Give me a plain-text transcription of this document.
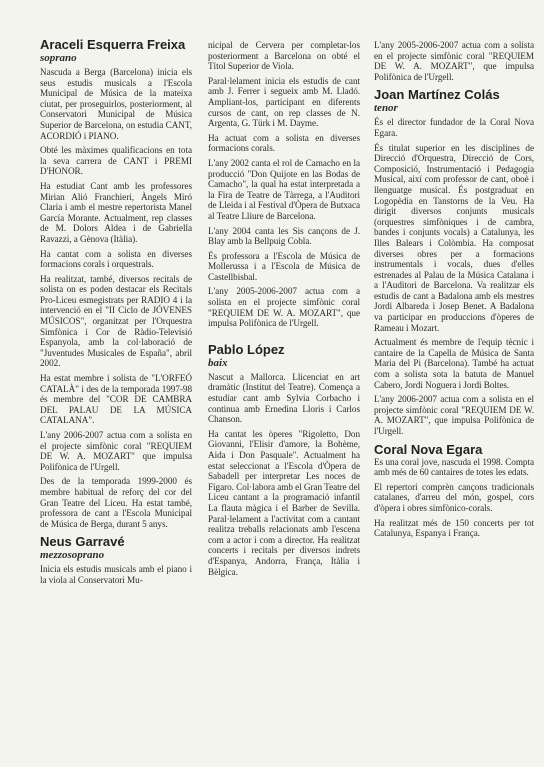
Araceli Esquerra Freixa
soprano

Nascuda a Berga (Barcelona) inicia els seus estudis musicals a l'Escola Municipal de Música de la mateixa ciutat, per proseguirlos, posteriorment, al Conservatori Municipal de Música Superior de Barcelona, on estudia CANT, ACORDIÓ i PIANO.

Obté les màximes qualificacions en tota la seva carrera de CANT i PREMI D'HONOR.

Ha estudiat Cant amb les professores Mirian Alió Franchieri, Àngels Miró Claria i amb el mestre repertorista Manel García Morante. Actualment, rep classes de M. Dolors Aldea i de Gabriella Ravazzi, a Gènova (Itàlia).

Ha cantat com a solista en diverses formacions corals i orquestrals.

Ha realitzat, també, diversos recitals de solista on es poden destacar els Recitals Pro-Liceu esmegistrats per RADIO 4 i la intervenció en el "II Ciclo de JÓVENES MÚSICOS", organitzat per l'Orquestra Simfònica i Cor de Ràdio-Televisió Espanyola, amb la col·laboració de "Juventudes Musicales de España", abril 2002.

Ha estat membre i solista de "L'ORFEÓ CATALÀ" i des de la temporada 1997-98 és membre del "COR DE CAMBRA DEL PALAU DE LA MÚSICA CATALANA".

L'any 2006-2007 actua com a solista en el projecte simfònic coral "REQUIEM DE W. A. MOZART" que impulsa Polifònica de l'Urgell.

Des de la temporada 1999-2000 és membre habitual de reforç del cor del Gran Teatre del Liceu. Ha estat també, professora de cant a l'Escola Municipal de Música de Berga, durant 5 anys.

Neus Garravé
mezzosoprano

Inicia els estudis musicals amb el piano i la viola al Conservatori Mu-

nicipal de Cervera per completar-los posteriorment a Barcelona on obté el Títol Superior de Viola.

Paral·lelament inicia els estudis de cant amb J. Ferrer i segueix amb M. Lladó. Ampliant-los, participant en diferents cursos de cant, on rep classes de N. Argenta, G. Türk i M. Dayme.

Ha actuat com a solista en diverses formacions corals.

L'any 2002 canta el rol de Camacho en la producció "Don Quijote en las Bodas de Camacho", la qual ha estat interpretada a la Fira de Teatre de Tàrrega, a l'Auditori de Lleida i al Festival d'Òpera de Butxaca al Teatre Lliure de Barcelona.

L'any 2004 canta les Sis cançons de J. Blay amb la Bellpuig Cobla.

És professora a l'Escola de Música de Mollerussa i a l'Escola de Música de Castellbisbal.

L'any 2005-2006-2007 actua com a solista en el projecte simfònic coral "REQUIEM DE W. A. MOZART", que impulsa Polifònica de l'Urgell.

Pablo López
baix

Nascut a Mallorca. Llicenciat en art dramàtic (Institut del Teatre). Comença a estudiar cant amb Sylvia Corbacho i continua amb Ernedina Lloris i Carlos Chanson.

Ha cantat les òperes "Rigoletto, Don Giovanni, l'Elisir d'amore, la Bohème, Aida i Don Pasquale". Actualment ha estat seleccionat a l'Escola d'Òpera de Sabadell per interpretar Les noces de Fígaro. Col·labora amb el Gran Teatre del Liceu cantant a la programació infantil La flauta màgica i el Barber de Sevilla. Paral·lelament a l'activitat com a cantant realitza treballs relacionats amb l'escena com a actor i com a director. Ha realitzat concerts i recitals per diversos indrets d'Espanya, Andorra, França, Itàlia i Bèlgica.

L'any 2005-2006-2007 actua com a solista en el projecte simfònic coral "REQUIEM DE W. A. MOZART", que impulsa Polifònica de l'Urgell.

Joan Martínez Colás
tenor

És el director fundador de la Coral Nova Egara.

És titulat superior en les disciplines de Direcció d'Orquestra, Direcció de Cors, Composició, Instrumentació i Pedagogia Musical, així com professor de cant, oboè i llenguatge musical. És postgraduat en Logopèdia en Tanstorns de la Veu. Ha dirigit diversos conjunts musicals (orquestres simfòniques i de cambra, bandes i conjunts vocals) a Catalunya, les Illes Balears i Colòmbia. Ha composat diverses obres per a formacions instrumentals i vocals, dues d'elles estrenades al Palau de la Música Catalana i a l'Auditori de Barcelona. Va realitzar els estudis de cant a Badalona amb els mestres Jordi Albareda i Josep Benet. A Badalona va participar en produccions d'òperes de Rameau i Mozart.

Actualment és membre de l'equip tècnic i cantaire de la Capella de Música de Santa Maria del Pi (Barcelona). També ha actuat com a solista sota la batuta de Manuel Cabero, Jordi Noguera i Jordi Boltes.

L'any 2006-2007 actua com a solista en el projecte simfònic coral "REQUIEM DE W. A. MOZART", que impulsa Polifònica de l'Urgell.

Coral Nova Egara

Es una coral jove, nascuda el 1998. Compta amb més de 60 cantaires de totes les edats.

El repertori comprèn cançons tradicionals catalanes, d'arreu del món, gospel, cors d'òpera i obres simfònico-corals.

Ha realitzat més de 150 concerts per tot Catalunya, Espanya i França.
